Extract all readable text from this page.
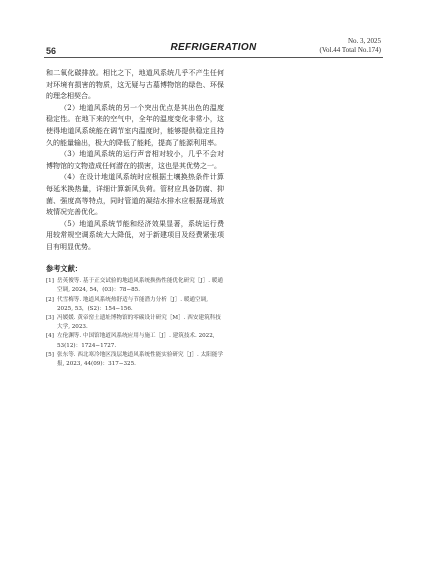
56	REFRIGERATION
No. 3, 2025
(Vol.44 Total No.174)

和二氧化碳排放。相比之下，地道风系统几乎不产生任何对环境有损害的物质，这无疑与古墓博物馆的绿色、环保的理念相契合。

（2）地道风系统的另一个突出优点是其出色的温度稳定性。在地下来的空气中，全年的温度变化非常小，这使得地道风系统能在调节室内温度时，能够提供稳定且持久的能量输出，极大的降低了能耗，提高了能源利用率。

（3）地道风系统的运行声音相对较小，几乎不会对博物馆的文物造成任何潜在的损害，这也是其优势之一。

（4）在设计地道风系统时应根据土壤换热条件计算每延米换热量，详细计算新风负荷。管材应具备防腐、抑菌、强度高等特点，同时管道的凝结水排水应根据现场放坡情况完善优化。

（5）地道风系统节能和经济效果显著，系统运行费用较常规空调系统大大降低，对于新建项目及经费紧张项目有明显优势。

参考文献：
[1] 岳英俊等. 基于正交试验的地道风系统换热性能优化研究［J］. 暖通空调, 2024, 54，(03)：78−85.
[2] 代雪梅等. 地道风系统热舒适与节能潜力分析［J］. 暖通空调, 2025, 53，(S2)：154−156.
[3] 冯媛媛. 黄帝窑土遗址博物馆的零碳设计研究［M］. 西安建筑科技大学, 2023.
[4] 左伦渊等. 中国馆地道风系统应用与施工［J］. 建筑技术. 2022, 53(12)：1724−1727.
[5] 张东等. 西北寒冷地区浅层地道风系统性能实验研究［J］. 太阳能学报, 2023, 44(09)：317−325.
